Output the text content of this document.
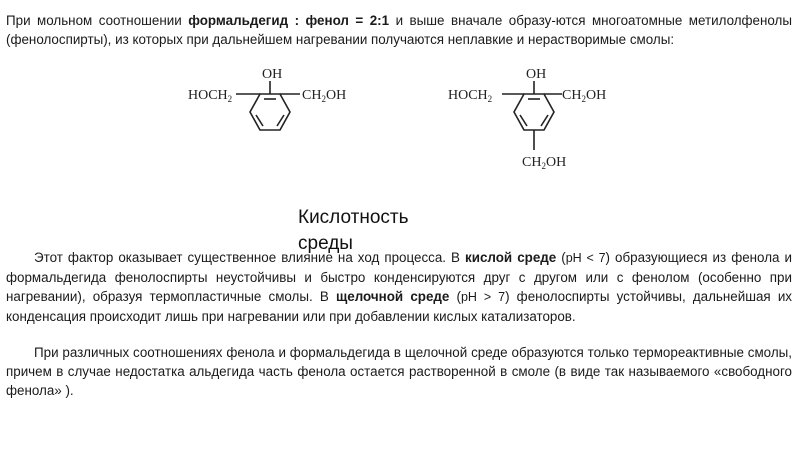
При мольном соотношении формальдегид : фенол = 2:1 и выше вначале образу-ются многоатомные метилолфенолы (фенолоспирты), из которых при дальнейшем нагревании получаются неплавкие и нерастворимые смолы:

OH
$HOCH_2$	$CH_2OH$
OH
$HOCH_2$	$CH_2OH$
$CH_2OH$
Кислотность среды

Этот фактор оказывает существенное влияние на ход процесса. В кислой среде (pH < 7) образующиеся из фенола и формальдегида фенолоспирты неустойчивы и быстро конденсируются друг с другом или с фенолом (особенно при нагревании), образуя термопластичные смолы. В щелочной среде (pH > 7) фенолоспирты устойчивы, дальнейшая их конденсация происходит лишь при нагревании или при добавлении кислых катализаторов.

При различных соотношениях фенола и формальдегида в щелочной среде образуются только термореактивные смолы, причем в случае недостатка альдегида часть фенола остается растворенной в смоле (в виде так называемого «свободного фенола» ).
